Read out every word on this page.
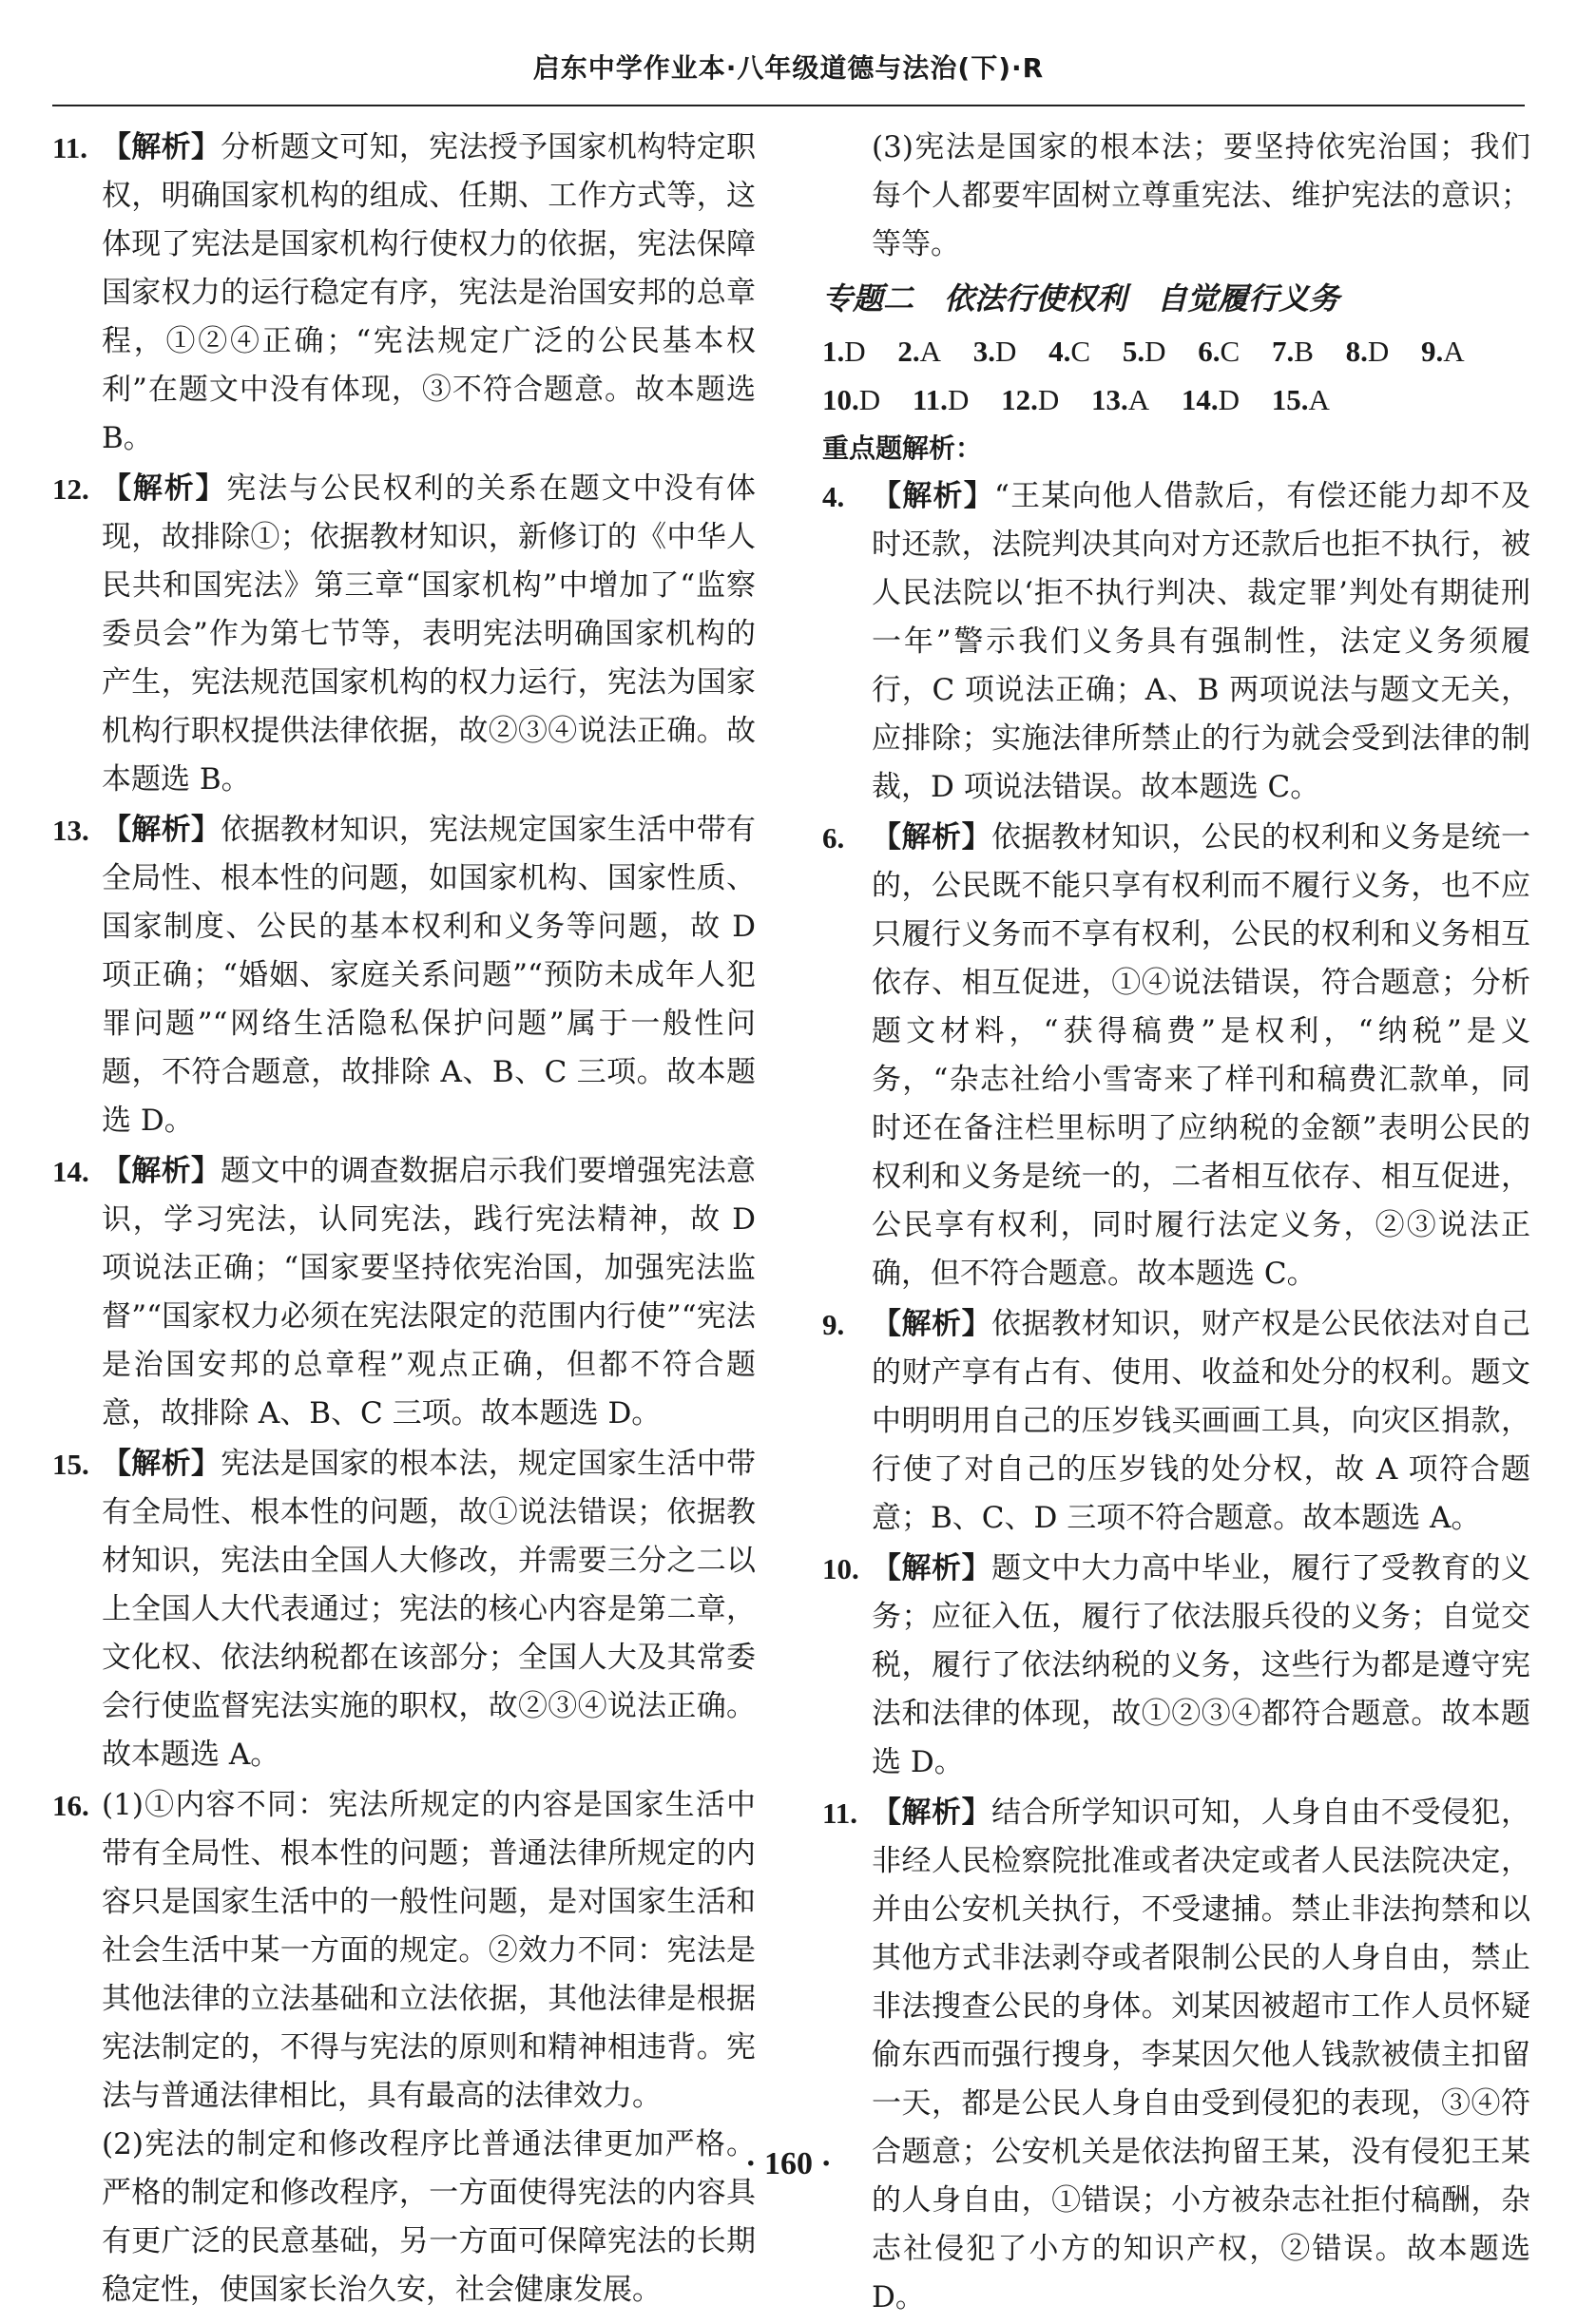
启东中学作业本·八年级道德与法治(下)·R
11. 【解析】分析题文可知，宪法授予国家机构特定职权，明确国家机构的组成、任期、工作方式等，这体现了宪法是国家机构行使权力的依据，宪法保障国家权力的运行稳定有序，宪法是治国安邦的总章程，①②④正确；“宪法规定广泛的公民基本权利”在题文中没有体现，③不符合题意。故本题选 B。

12. 【解析】宪法与公民权利的关系在题文中没有体现，故排除①；依据教材知识，新修订的《中华人民共和国宪法》第三章“国家机构”中增加了“监察委员会”作为第七节等，表明宪法明确国家机构的产生，宪法规范国家机构的权力运行，宪法为国家机构行职权提供法律依据，故②③④说法正确。故本题选 B。

13. 【解析】依据教材知识，宪法规定国家生活中带有全局性、根本性的问题，如国家机构、国家性质、国家制度、公民的基本权利和义务等问题，故 D 项正确；“婚姻、家庭关系问题”“预防未成年人犯罪问题”“网络生活隐私保护问题”属于一般性问题，不符合题意，故排除 A、B、C 三项。故本题选 D。

14. 【解析】题文中的调查数据启示我们要增强宪法意识，学习宪法，认同宪法，践行宪法精神，故 D 项说法正确；“国家要坚持依宪治国，加强宪法监督”“国家权力必须在宪法限定的范围内行使”“宪法是治国安邦的总章程”观点正确，但都不符合题意，故排除 A、B、C 三项。故本题选 D。

15. 【解析】宪法是国家的根本法，规定国家生活中带有全局性、根本性的问题，故①说法错误；依据教材知识，宪法由全国人大修改，并需要三分之二以上全国人大代表通过；宪法的核心内容是第二章，文化权、依法纳税都在该部分；全国人大及其常委会行使监督宪法实施的职权，故②③④说法正确。故本题选 A。

16. (1)①内容不同：宪法所规定的内容是国家生活中带有全局性、根本性的问题；普通法律所规定的内容只是国家生活中的一般性问题，是对国家生活和社会生活中某一方面的规定。②效力不同：宪法是其他法律的立法基础和立法依据，其他法律是根据宪法制定的，不得与宪法的原则和精神相违背。宪法与普通法律相比，具有最高的法律效力。

(2)宪法的制定和修改程序比普通法律更加严格。严格的制定和修改程序，一方面使得宪法的内容具有更广泛的民意基础，另一方面可保障宪法的长期稳定性，使国家长治久安，社会健康发展。

(3)宪法是国家的根本法；要坚持依宪治国；我们每个人都要牢固树立尊重宪法、维护宪法的意识；等等。

专题二　依法行使权利　自觉履行义务
1.D 2.A 3.D 4.C 5.D 6.C 7.B 8.D 9.A
10.D 11.D 12.D 13.A 14.D 15.A
重点题解析：
4. 【解析】“王某向他人借款后，有偿还能力却不及时还款，法院判决其向对方还款后也拒不执行，被人民法院以‘拒不执行判决、裁定罪’判处有期徒刑一年”警示我们义务具有强制性，法定义务须履行，C 项说法正确；A、B 两项说法与题文无关，应排除；实施法律所禁止的行为就会受到法律的制裁，D 项说法错误。故本题选 C。

6. 【解析】依据教材知识，公民的权利和义务是统一的，公民既不能只享有权利而不履行义务，也不应只履行义务而不享有权利，公民的权利和义务相互依存、相互促进，①④说法错误，符合题意；分析题文材料，“获得稿费”是权利，“纳税”是义务，“杂志社给小雪寄来了样刊和稿费汇款单，同时还在备注栏里标明了应纳税的金额”表明公民的权利和义务是统一的，二者相互依存、相互促进，公民享有权利，同时履行法定义务，②③说法正确，但不符合题意。故本题选 C。

9. 【解析】依据教材知识，财产权是公民依法对自己的财产享有占有、使用、收益和处分的权利。题文中明明用自己的压岁钱买画画工具，向灾区捐款，行使了对自己的压岁钱的处分权，故 A 项符合题意；B、C、D 三项不符合题意。故本题选 A。

10. 【解析】题文中大力高中毕业，履行了受教育的义务；应征入伍，履行了依法服兵役的义务；自觉交税，履行了依法纳税的义务，这些行为都是遵守宪法和法律的体现，故①②③④都符合题意。故本题选 D。

11. 【解析】结合所学知识可知，人身自由不受侵犯，非经人民检察院批准或者决定或者人民法院决定，并由公安机关执行，不受逮捕。禁止非法拘禁和以其他方式非法剥夺或者限制公民的人身自由，禁止非法搜查公民的身体。刘某因被超市工作人员怀疑偷东西而强行搜身，李某因欠他人钱款被债主扣留一天，都是公民人身自由受到侵犯的表现，③④符合题意；公安机关是依法拘留王某，没有侵犯王某的人身自由，①错误；小方被杂志社拒付稿酬，杂志社侵犯了小方的知识产权，②错误。故本题选 D。

· 160 ·
